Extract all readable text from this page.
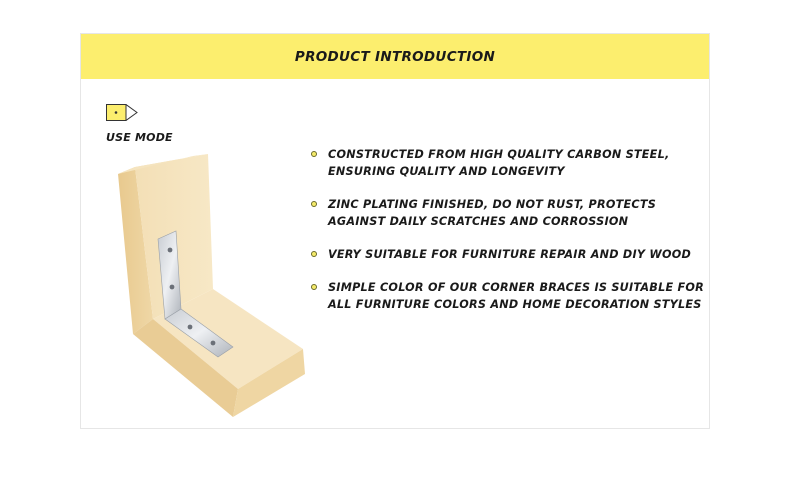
PRODUCT INTRODUCTION
USE MODE
CONSTRUCTED FROM HIGH QUALITY CARBON STEEL,
ENSURING QUALITY AND LONGEVITY
ZINC PLATING FINISHED, DO NOT RUST, PROTECTS
AGAINST DAILY SCRATCHES AND CORROSSION
VERY SUITABLE FOR FURNITURE REPAIR AND DIY WOOD
SIMPLE COLOR OF OUR CORNER BRACES IS SUITABLE FOR
ALL FURNITURE COLORS AND HOME DECORATION STYLES
